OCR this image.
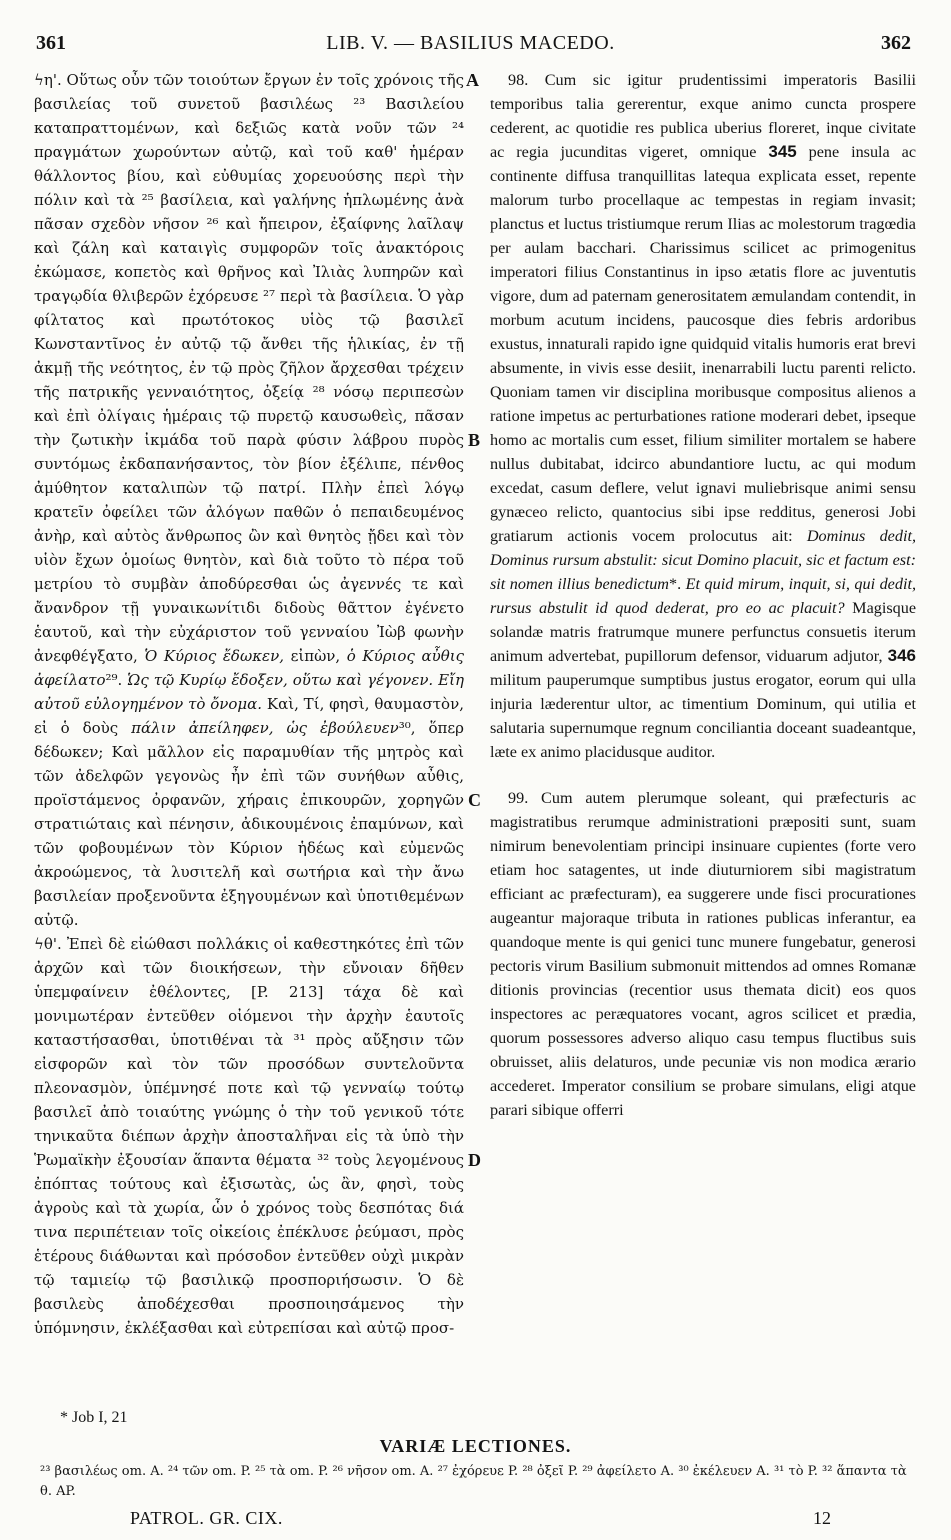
361	LIB. V. — BASILIUS MACEDO.	362
A
B
C
D

ϟη'. Οὕτως οὖν τῶν τοιούτων ἔργων ἐν τοῖς χρόνοις τῆς βασιλείας τοῦ συνετοῦ βασιλέως ²³ Βασιλείου καταπραττομένων, καὶ δεξιῶς κατὰ νοῦν τῶν ²⁴ πραγμάτων χωρούντων αὐτῷ, καὶ τοῦ καθ' ἡμέραν θάλλοντος βίου, καὶ εὐθυμίας χορευούσης περὶ τὴν πόλιν καὶ τὰ ²⁵ βασίλεια, καὶ γαλήνης ἡπλωμένης ἀνὰ πᾶσαν σχεδὸν νῆσον ²⁶ καὶ ἤπειρον, ἐξαίφνης λαῖλαψ καὶ ζάλη καὶ καταιγὶς συμφορῶν τοῖς ἀνακτόροις ἐκώμασε, κοπετὸς καὶ θρῆνος καὶ Ἰλιὰς λυπηρῶν καὶ τραγῳδία θλιβερῶν ἐχόρευσε ²⁷ περὶ τὰ βασίλεια. Ὁ γὰρ φίλτατος καὶ πρωτότοκος υἱὸς τῷ βασιλεῖ Κωνσταντῖνος ἐν αὐτῷ τῷ ἄνθει τῆς ἡλικίας, ἐν τῇ ἀκμῇ τῆς νεότητος, ἐν τῷ πρὸς ζῆλον ἄρχεσθαι τρέχειν τῆς πατρικῆς γενναιότητος, ὀξείᾳ ²⁸ νόσῳ περιπεσὼν καὶ ἐπὶ ὀλίγαις ἡμέραις τῷ πυρετῷ καυσωθεὶς, πᾶσαν τὴν ζωτικὴν ἰκμάδα τοῦ παρὰ φύσιν λάβρου πυρὸς συντόμως ἐκδαπανήσαντος, τὸν βίον ἐξέλιπε, πένθος ἀμύθητον καταλιπὼν τῷ πατρί. Πλὴν ἐπεὶ λόγῳ κρατεῖν ὀφείλει τῶν ἀλόγων παθῶν ὁ πεπαιδευμένος ἀνὴρ, καὶ αὐτὸς ἄνθρωπος ὢν καὶ θνητὸς ᾔδει καὶ τὸν υἱὸν ἔχων ὁμοίως θνητὸν, καὶ διὰ τοῦτο τὸ πέρα τοῦ μετρίου τὸ συμβὰν ἀποδύρεσθαι ὡς ἀγεννές τε καὶ ἄνανδρον τῇ γυναικωνίτιδι διδοὺς θᾶττον ἐγένετο ἑαυτοῦ, καὶ τὴν εὐχάριστον τοῦ γενναίου Ἰὼβ φωνὴν ἀνεφθέγξατο, Ὁ Κύριος ἔδωκεν, εἰπὼν, ὁ Κύριος αὖθις ἀφείλατο²⁹. Ὡς τῷ Κυρίῳ ἔδοξεν, οὕτω καὶ γέγονεν. Εἴη αὐτοῦ εὐλογημένον τὸ ὄνομα. Καὶ, Τί, φησὶ, θαυμαστὸν, εἰ ὁ δοὺς πάλιν ἀπείληφεν, ὡς ἐβούλευεν³⁰, ὅπερ δέδωκεν; Καὶ μᾶλλον εἰς παραμυθίαν τῆς μητρὸς καὶ τῶν ἀδελφῶν γεγονὼς ἦν ἐπὶ τῶν συνήθων αὖθις, προϊστάμενος ὀρφανῶν, χήραις ἐπικουρῶν, χορηγῶν στρατιώταις καὶ πένησιν, ἀδικουμένοις ἐπαμύνων, καὶ τῶν φοβουμένων τὸν Κύριον ἡδέως καὶ εὐμενῶς ἀκροώμενος, τὰ λυσιτελῆ καὶ σωτήρια καὶ τὴν ἄνω βασιλείαν προξενοῦντα ἐξηγουμένων καὶ ὑποτιθεμένων αὐτῷ.

ϟθ'. Ἐπεὶ δὲ εἰώθασι πολλάκις οἱ καθεστηκότες ἐπὶ τῶν ἀρχῶν καὶ τῶν διοικήσεων, τὴν εὔνοιαν δῆθεν ὑπεμφαίνειν ἐθέλοντες, [P. 213] τάχα δὲ καὶ μονιμωτέραν ἐντεῦθεν οἰόμενοι τὴν ἀρχὴν ἑαυτοῖς καταστήσασθαι, ὑποτιθέναι τὰ ³¹ πρὸς αὔξησιν τῶν εἰσφορῶν καὶ τὸν τῶν προσόδων συντελοῦντα πλεονασμὸν, ὑπέμνησέ ποτε καὶ τῷ γενναίῳ τούτῳ βασιλεῖ ἀπὸ τοιαύτης γνώμης ὁ τὴν τοῦ γενικοῦ τότε τηνικαῦτα διέπων ἀρχὴν ἀποσταλῆναι εἰς τὰ ὑπὸ τὴν Ῥωμαϊκὴν ἐξουσίαν ἅπαντα θέματα ³² τοὺς λεγομένους ἐπόπτας τούτους καὶ ἐξισωτὰς, ὡς ἂν, φησὶ, τοὺς ἀγροὺς καὶ τὰ χωρία, ὧν ὁ χρόνος τοὺς δεσπότας διά τινα περιπέτειαν τοῖς οἰκείοις ἐπέκλυσε ῥεύμασι, πρὸς ἑτέρους διάθωνται καὶ πρόσοδον ἐντεῦθεν οὐχὶ μικρὰν τῷ ταμιείῳ τῷ βασιλικῷ προσποριήσωσιν. Ὁ δὲ βασιλεὺς ἀποδέχεσθαι προσποιησάμενος τὴν ὑπόμνησιν, ἐκλέξασθαι καὶ εὐτρεπίσαι καὶ αὐτῷ προσ-

98. Cum sic igitur prudentissimi imperatoris Basilii temporibus talia gererentur, exque animo cuncta prospere cederent, ac quotidie res publica uberius floreret, inque civitate ac regia jucunditas vigeret, omnique 345 pene insula ac continente diffusa tranquillitas latequa explicata esset, repente malorum turbo procellaque ac tempestas in regiam invasit; planctus et luctus tristiumque rerum Ilias ac molestorum tragœdia per aulam bacchari. Charissimus scilicet ac primogenitus imperatori filius Constantinus in ipso ætatis flore ac juventutis vigore, dum ad paternam generositatem æmulandam contendit, in morbum acutum incidens, paucosque dies febris ardoribus exustus, innaturali rapido igne quidquid vitalis humoris erat brevi absumente, in vivis esse desiit, inenarrabili luctu parenti relicto. Quoniam tamen vir disciplina moribusque compositus alienos a ratione impetus ac perturbationes ratione moderari debet, ipseque homo ac mortalis cum esset, filium similiter mortalem se habere nullus dubitabat, idcirco abundantiore luctu, ac qui modum excedat, casum deflere, velut ignavi muliebrisque animi sensu gynæceo relicto, quantocius sibi ipse redditus, generosi Jobi gratiarum actionis vocem prolocutus ait: Dominus dedit, Dominus rursum abstulit: sicut Domino placuit, sic et factum est: sit nomen illius benedictum*. Et quid mirum, inquit, si, qui dedit, rursus abstulit id quod dederat, pro eo ac placuit? Magisque solandæ matris fratrumque munere perfunctus consuetis iterum animum advertebat, pupillorum defensor, viduarum adjutor, 346 militum pauperumque sumptibus justus erogator, eorum qui ulla injuria læderentur ultor, ac timentium Dominum, qui utilia et salutaria supernumque regnum conciliantia doceant suadeantque, læte ex animo placidusque auditor.

99. Cum autem plerumque soleant, qui præfecturis ac magistratibus rerumque administrationi præpositi sunt, suam nimirum benevolentiam principi insinuare cupientes (forte vero etiam hoc satagentes, ut inde diuturniorem sibi magistratum efficiant ac præfecturam), ea suggerere unde fisci procurationes augeantur majoraque tributa in rationes publicas inferantur, ea quandoque mente is qui genici tunc munere fungebatur, generosi pectoris virum Basilium submonuit mittendos ad omnes Romanæ ditionis provincias (recentior usus themata dicit) eos quos inspectores ac peræquatores vocant, agros scilicet et prædia, quorum possessores adverso aliquo casu tempus fluctibus suis obruisset, aliis delaturos, unde pecuniæ vis non modica ærario accederet. Imperator consilium se probare simulans, eligi atque parari sibique offerri

* Job I, 21
VARIÆ LECTIONES.
²³ βασιλέως om. A. ²⁴ τῶν om. P. ²⁵ τὰ om. P. ²⁶ νῆσον om. A. ²⁷ ἐχόρευε P. ²⁸ ὀξεῖ P. ²⁹ ἀφείλετο A. ³⁰ ἐκέλευεν A. ³¹ τὸ P. ³² ἅπαντα τὰ θ. AP.
PATROL. GR. CIX.	12
